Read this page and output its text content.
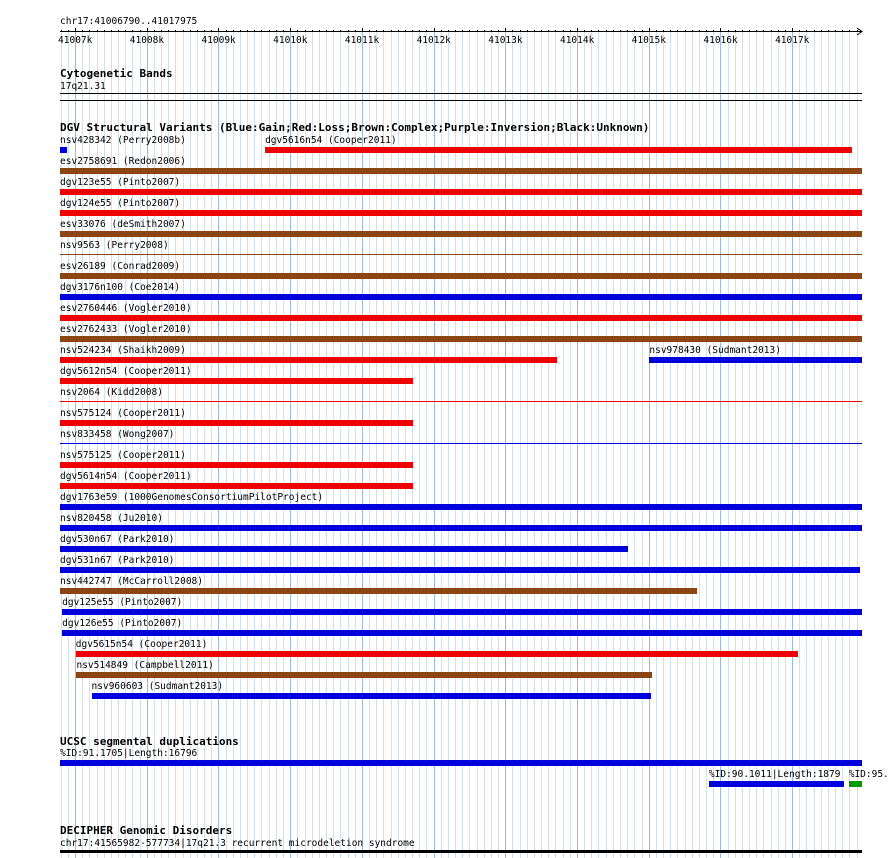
chr17:41006790..41017975
41007k	41008k	41009k	41010k	41011k	41012k	41013k	41014k	41015k	41016k	41017k
Cytogenetic Bands
17q21.31
DGV Structural Variants (Blue:Gain;Red:Loss;Brown:Complex;Purple:Inversion;Black:Unknown)
nsv428342 (Perry2008b)	dgv5616n54 (Cooper2011)
esv2758691 (Redon2006)
dgv123e55 (Pinto2007)
dgv124e55 (Pinto2007)
esv33076 (deSmith2007)
nsv9563 (Perry2008)
esv26189 (Conrad2009)
dgv3176n100 (Coe2014)
esv2760446 (Vogler2010)
esv2762433 (Vogler2010)
nsv524234 (Shaikh2009)	nsv978430 (Sudmant2013)
dgv5612n54 (Cooper2011)
nsv2064 (Kidd2008)
nsv575124 (Cooper2011)
nsv833458 (Wong2007)
nsv575125 (Cooper2011)
dgv5614n54 (Cooper2011)
dgv1763e59 (1000GenomesConsortiumPilotProject)
nsv820458 (Ju2010)
dgv530n67 (Park2010)
dgv531n67 (Park2010)
nsv442747 (McCarroll2008)
dgv125e55 (Pinto2007)
dgv126e55 (Pinto2007)
dgv5615n54 (Cooper2011)
nsv514849 (Campbell2011)
nsv960603 (Sudmant2013)
UCSC segmental duplications
%ID:91.1705|Length:16796
%ID:90.1011|Length:1879 %ID:95.
DECIPHER Genomic Disorders
chr17:41565982-577734|17q21.3 recurrent microdeletion syndrome
